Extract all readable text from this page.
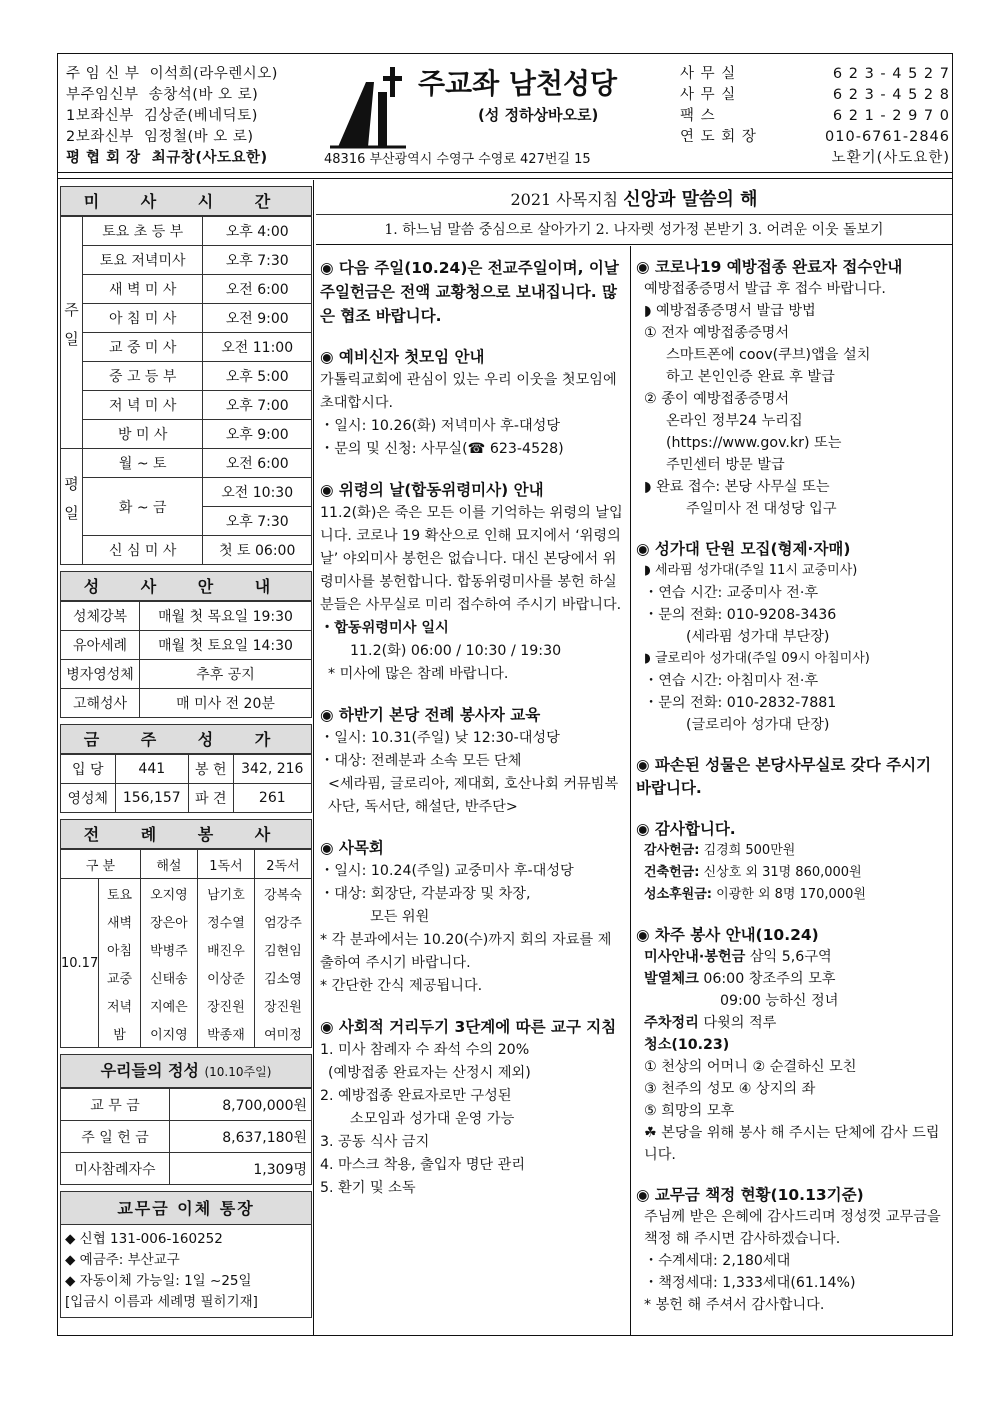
주 임 신 부 이석희(라우렌시오)
부주임신부 송창석(바 오 로)
1보좌신부 김상준(베네딕토)
2보좌신부 임정철(바 오 로)
평 협 회 장 최규창(사도요한)
주교좌 남천성당
(성 정하상바오로)
48316 부산광역시 수영구 수영로 427번길 15
사 무 실	6 2 3 - 4 5 2 7
사 무 실	6 2 3 - 4 5 2 8
팩 스	6 2 1 - 2 9 7 0
연 도 회 장	010-6761-2846
노환기(사도요한)
미 사 시 간
주일	토요 초 등 부	오후 4:00
	토요 저녁미사	오후 7:30
	새 벽 미 사	오전 6:00
	아 침 미 사	오전 9:00
	교 중 미 사	오전 11:00
	중 고 등 부	오후 5:00
	저 녁 미 사	오후 7:00
	방 미 사	오후 9:00
평일	월 ~ 토	오전 6:00
	화 ~ 금	오전 10:30
		오후 7:30
	신 심 미 사	첫 토 06:00
성 사 안 내
성체강복	매월 첫 목요일 19:30
유아세례	매월 첫 토요일 14:30
병자영성체	추후 공지
고해성사	매 미사 전 20분
금 주 성 가
입 당	441	봉 헌	342, 216
영성체	156,157	파 견	261
전 례 봉 사
구 분		해설	1독서	2독서
10.17	토요	오지영	남기호	강복숙
	새벽	장은아	정수열	엄강주
	아침	박병주	배진우	김현임
	교중	신태송	이상준	김소영
	저녁	지예은	장진원	장진원
	밤	이지영	박종재	여미정
우리들의 정성 (10.10주일)
교 무 금	8,700,000원
주 일 헌 금	8,637,180원
미사참례자수	1,309명
교무금 이체 통장
◆ 신협 131-006-160252
◆ 예금주: 부산교구
◆ 자동이체 가능일: 1일 ~25일
[입금시 이름과 세례명 필히기재]
2021 사목지침 신앙과 말씀의 해
1. 하느님 말씀 중심으로 살아가기 2. 나자렛 성가정 본받기 3. 어려운 이웃 돌보기
◉ 다음 주일(10.24)은 전교주일이며, 이날 주일헌금은 전액 교황청으로 보내집니다. 많은 협조 바랍니다.
◉ 예비신자 첫모임 안내
가톨릭교회에 관심이 있는 우리 이웃을 첫모임에 초대합시다.
・일시: 10.26(화) 저녁미사 후-대성당
・문의 및 신청: 사무실(☎ 623-4528)
◉ 위령의 날(합동위령미사) 안내
11.2(화)은 죽은 모든 이를 기억하는 위령의 날입니다. 코로나 19 확산으로 인해 묘지에서 ‘위령의 날’ 야외미사 봉헌은 없습니다. 대신 본당에서 위령미사를 봉헌합니다. 합동위령미사를 봉헌 하실 분들은 사무실로 미리 접수하여 주시기 바랍니다.
・합동위령미사 일시
11.2(화) 06:00 / 10:30 / 19:30
* 미사에 많은 참례 바랍니다.
◉ 하반기 본당 전례 봉사자 교육
・일시: 10.31(주일) 낮 12:30-대성당
・대상: 전례분과 소속 모든 단체
<세라핌, 글로리아, 제대회, 호산나회 커뮤빔복사단, 독서단, 해설단, 반주단>
◉ 사목회
・일시: 10.24(주일) 교중미사 후-대성당
・대상: 회장단, 각분과장 및 차장,
모든 위원
* 각 분과에서는 10.20(수)까지 회의 자료를 제출하여 주시기 바랍니다.
* 간단한 간식 제공됩니다.
◉ 사회적 거리두기 3단계에 따른 교구 지침
1. 미사 참례자 수 좌석 수의 20%
(예방접종 완료자는 산정시 제외)
2. 예방접종 완료자로만 구성된
소모임과 성가대 운영 가능
3. 공동 식사 금지
4. 마스크 착용, 출입자 명단 관리
5. 환기 및 소독
◉ 코로나19 예방접종 완료자 접수안내
예방접종증명서 발급 후 접수 바랍니다.
◗ 예방접종증명서 발급 방법
① 전자 예방접종증명서
스마트폰에 coov(쿠브)앱을 설치
하고 본인인증 완료 후 발급
② 종이 예방접종증명서
온라인 정부24 누리집
(https://www.gov.kr) 또는
주민센터 방문 발급
◗ 완료 접수: 본당 사무실 또는
주일미사 전 대성당 입구
◉ 성가대 단원 모집(형제·자매)
◗ 세라핌 성가대(주일 11시 교중미사)
・연습 시간: 교중미사 전·후
・문의 전화: 010-9208-3436
(세라핌 성가대 부단장)
◗ 글로리아 성가대(주일 09시 아침미사)
・연습 시간: 아침미사 전·후
・문의 전화: 010-2832-7881
(글로리아 성가대 단장)
◉ 파손된 성물은 본당사무실로 갖다 주시기 바랍니다.
◉ 감사합니다.
감사헌금: 김경희 500만원
건축헌금: 신상호 외 31명 860,000원
성소후원금: 이광한 외 8명 170,000원
◉ 차주 봉사 안내(10.24)
미사안내·봉헌금 삼익 5,6구역
발열체크 06:00 창조주의 모후
09:00 능하신 정녀
주차정리 다윗의 적루
청소(10.23)
① 천상의 어머니 ② 순결하신 모친
③ 천주의 성모 ④ 상지의 좌
⑤ 희망의 모후
☘ 본당을 위해 봉사 해 주시는 단체에 감사 드립니다.
◉ 교무금 책정 현황(10.13기준)
주님께 받은 은혜에 감사드리며 정성껏 교무금을 책정 해 주시면 감사하겠습니다.
・수계세대: 2,180세대
・책정세대: 1,333세대(61.14%)
* 봉헌 해 주셔서 감사합니다.
